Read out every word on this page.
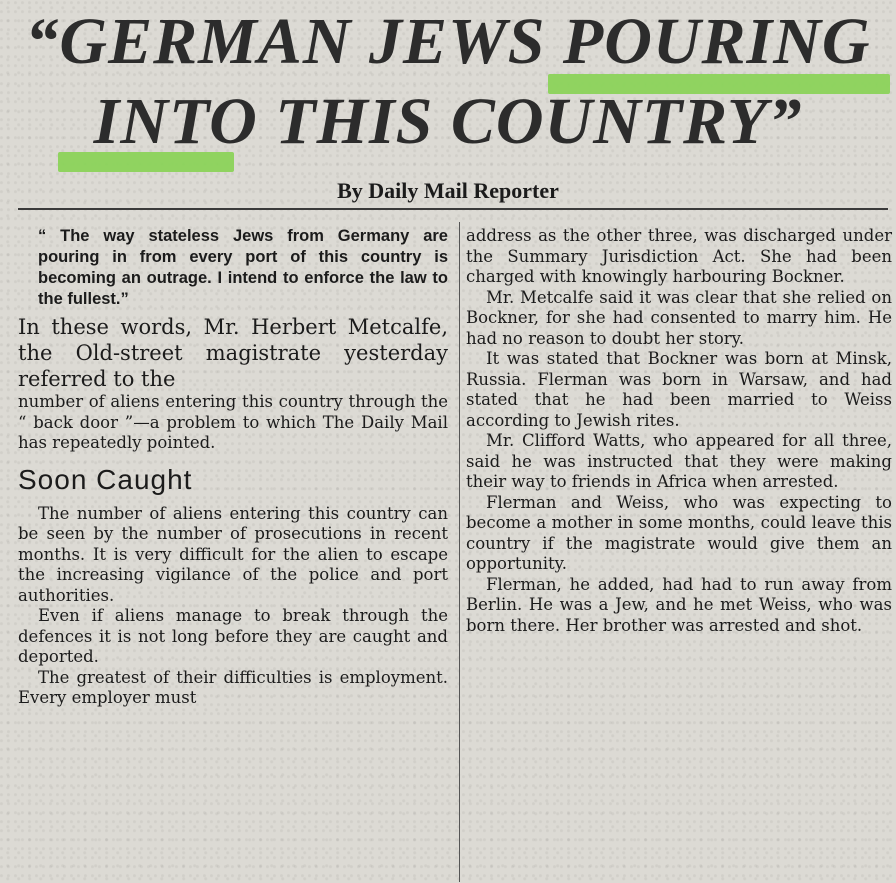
“GERMAN JEWS POURING
INTO THIS COUNTRY”
By Daily Mail Reporter

“ The way stateless Jews from Germany are pouring in from every port of this country is becoming an outrage. I intend to enforce the law to the fullest.”

In these words, Mr. Herbert Metcalfe, the Old-street magistrate yesterday referred to the

number of aliens entering this country through the “ back door ”—a problem to which The Daily Mail has repeatedly pointed.

Soon Caught

The number of aliens entering this country can be seen by the number of prosecutions in recent months. It is very difficult for the alien to escape the increasing vigilance of the police and port authorities.

Even if aliens manage to break through the defences it is not long before they are caught and deported.

The greatest of their difficulties is employment. Every employer must

address as the other three, was discharged under the Summary Jurisdiction Act. She had been charged with knowingly harbouring Bockner.

Mr. Metcalfe said it was clear that she relied on Bockner, for she had consented to marry him. He had no reason to doubt her story.

It was stated that Bockner was born at Minsk, Russia. Flerman was born in Warsaw, and had stated that he had been married to Weiss according to Jewish rites.

Mr. Clifford Watts, who appeared for all three, said he was instructed that they were making their way to friends in Africa when arrested.

Flerman and Weiss, who was expecting to become a mother in some months, could leave this country if the magistrate would give them an opportunity.

Flerman, he added, had had to run away from Berlin. He was a Jew, and he met Weiss, who was born there. Her brother was arrested and shot.
